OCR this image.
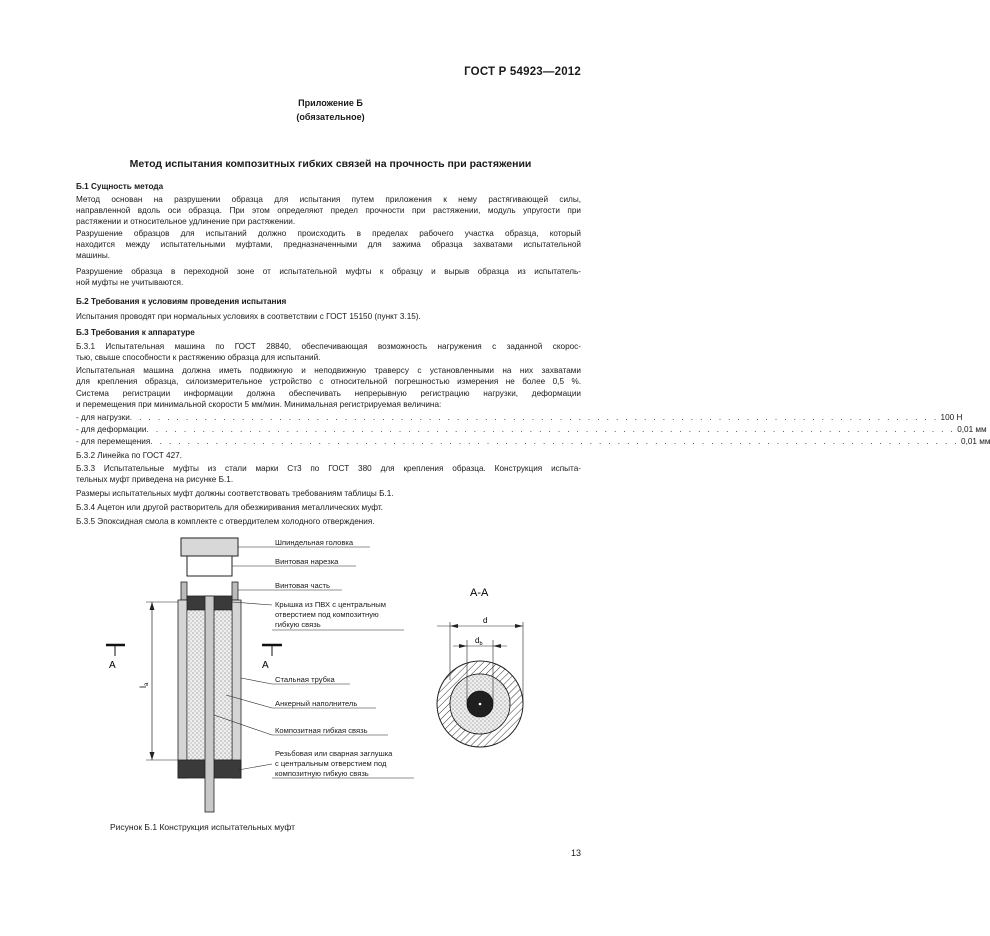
ГОСТ Р 54923—2012
Приложение Б
(обязательное)
Метод испытания композитных гибких связей на прочность при растяжении
Б.1 Сущность метода
Метод основан на разрушении образца для испытания путем приложения к нему растягивающей силы,
направленной вдоль оси образца. При этом определяют предел прочности при растяжении, модуль упругости при
растяжении и относительное удлинение при растяжении.
Разрушение образцов для испытаний должно происходить в пределах рабочего участка образца, который
находится между испытательными муфтами, предназначенными для зажима образца захватами испытательной
машины.
Разрушение образца в переходной зоне от испытательной муфты к образцу и вырыв образца из испытатель-
ной муфты не учитываются.
Б.2 Требования к условиям проведения испытания
Испытания проводят при нормальных условиях в соответствии с ГОСТ 15150 (пункт 3.15).
Б.3 Требования к аппаратуре
Б.3.1 Испытательная машина по ГОСТ 28840, обеспечивающая возможность нагружения с заданной скорос-
тью, свыше способности к растяжению образца для испытаний.
Испытательная машина должна иметь подвижную и неподвижную траверсу с установленными на них захватами
для крепления образца, силоизмерительное устройство с относительной погрешностью измерения не более 0,5 %.
Система регистрации информации должна обеспечивать непрерывную регистрацию нагрузки, деформации
и перемещения при минимальной скорости 5 мм/мин. Минимальная регистрируемая величина:
- для нагрузки . . . . . . . . . . . . . . . . . . . . . . . . . . . . . . . . . . . . . . . . . . . . . . . . . . . . . . . . . . . . . . . . . . . . . . . . . . . . . . . . . . . . . . . 100 Н
- для деформации . . . . . . . . . . . . . . . . . . . . . . . . . . . . . . . . . . . . . . . . . . . . . . . . . . . . . . . . . . . . . . . . . . . . . . . . . . . . . . . . . . . . . . . 0,01 мм
- для перемещения . . . . . . . . . . . . . . . . . . . . . . . . . . . . . . . . . . . . . . . . . . . . . . . . . . . . . . . . . . . . . . . . . . . . . . . . . . . . . . . . . . . . . . . 0,01 мм
Б.3.2 Линейка по ГОСТ 427.
Б.3.3 Испытательные муфты из стали марки Ст3 по ГОСТ 380 для крепления образца. Конструкция испыта-
тельных муфт приведена на рисунке Б.1.
Размеры испытательных муфт должны соответствовать требованиям таблицы Б.1.
Б.3.4 Ацетон или другой растворитель для обезжиривания металлических муфт.
Б.3.5 Эпоксидная смола в комплекте с отвердителем холодного отверждения.
$l_a$
А	А
Шпиндельная головка
Винтовая нарезка
Винтовая часть
Крышка из ПВХ с центральным
отверстием под композитную
гибкую связь
Стальная трубка
Анкерный наполнитель
Композитная гибкая связь
Резьбовая или сварная заглушка
с центральным отверстием под
композитную гибкую связь
А-А
d
$d_b$
Рисунок Б.1 Конструкция испытательных муфт
13
